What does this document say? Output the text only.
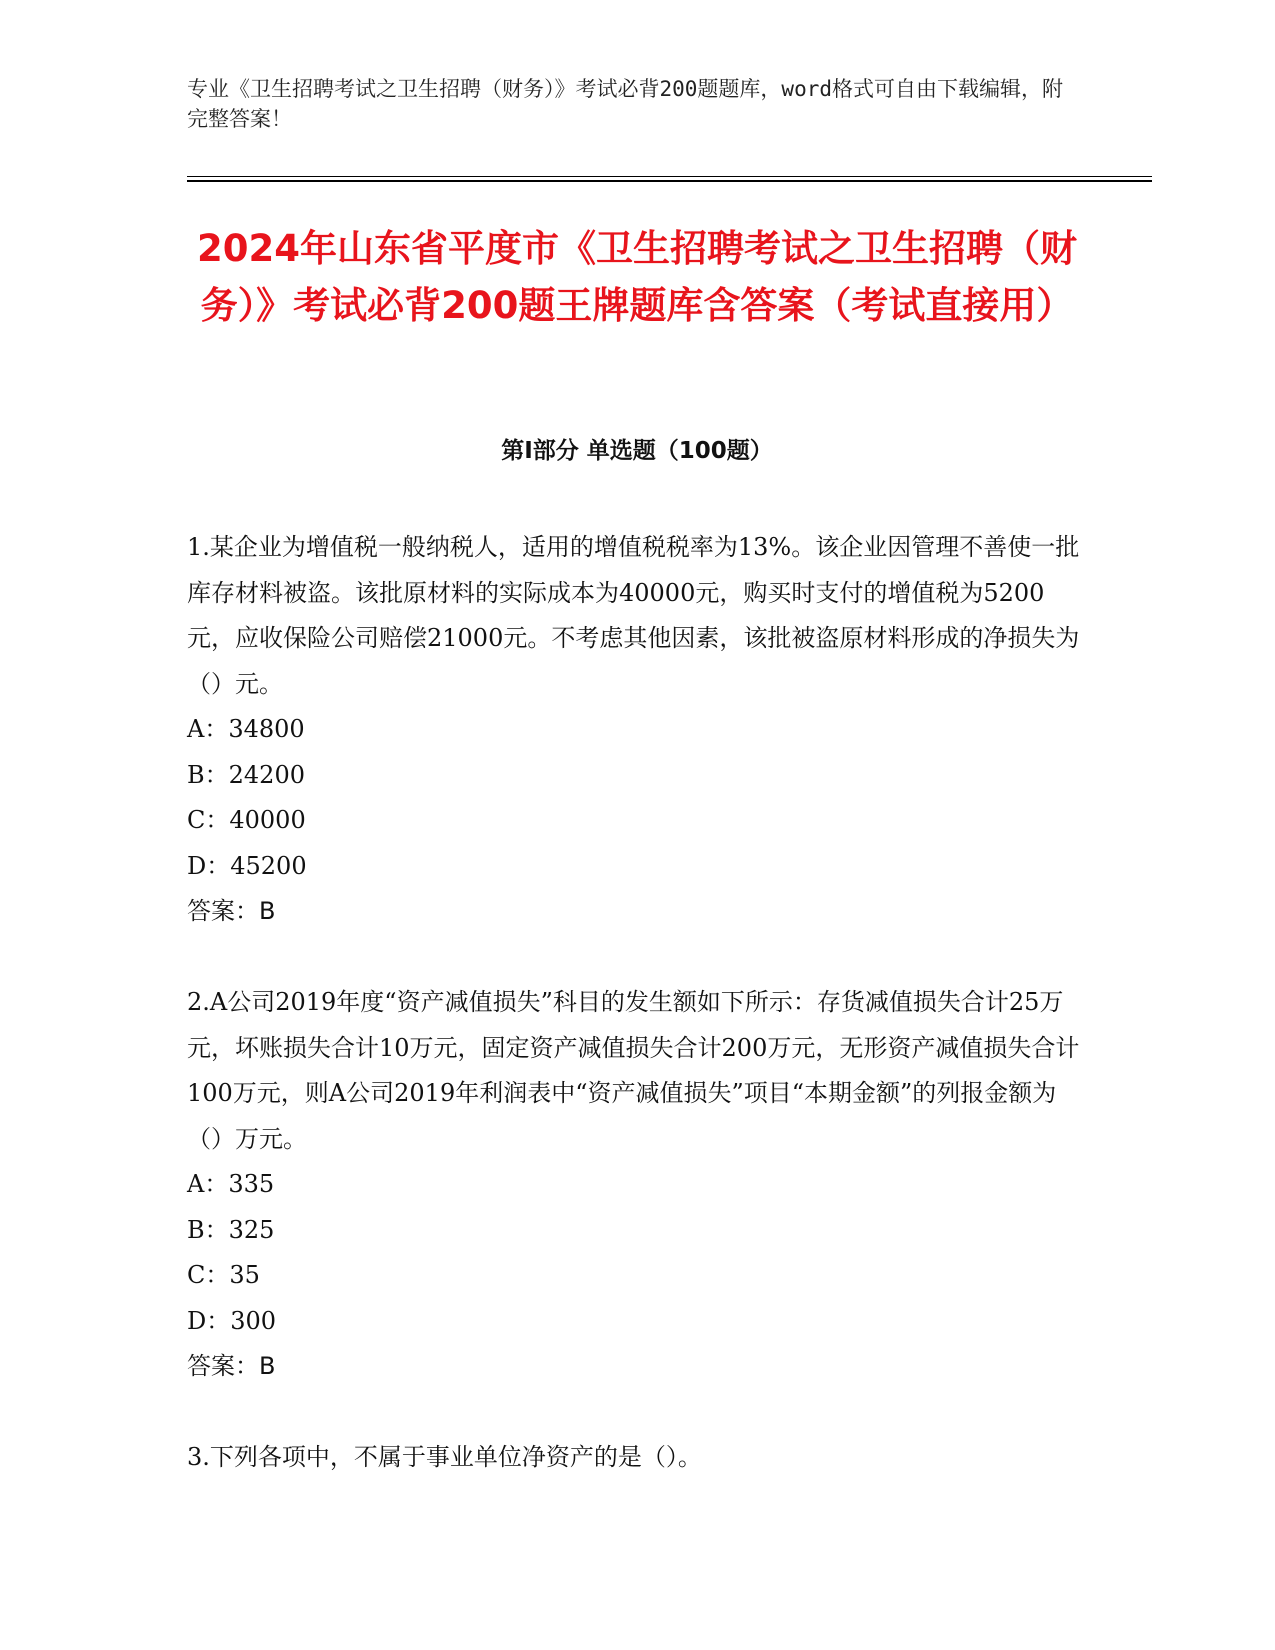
专业《卫生招聘考试之卫生招聘（财务）》考试必背200题题库，word格式可自由下载编辑，附完整答案！

2024年山东省平度市《卫生招聘考试之卫生招聘（财务）》考试必背200题王牌题库含答案（考试直接用）
第Ⅰ部分 单选题（100题）

1.某企业为增值税一般纳税人，适用的增值税税率为13%。该企业因管理不善使一批库存材料被盗。该批原材料的实际成本为40000元，购买时支付的增值税为5200元，应收保险公司赔偿21000元。不考虑其他因素，该批被盗原材料形成的净损失为（）元。

A：34800

B：24200

C：40000

D：45200

答案：B

2.A公司2019年度“资产减值损失”科目的发生额如下所示：存货减值损失合计25万元，坏账损失合计10万元，固定资产减值损失合计200万元，无形资产减值损失合计100万元，则A公司2019年利润表中“资产减值损失”项目“本期金额”的列报金额为（）万元。

A：335

B：325

C：35

D：300

答案：B

3.下列各项中，不属于事业单位净资产的是（）。
